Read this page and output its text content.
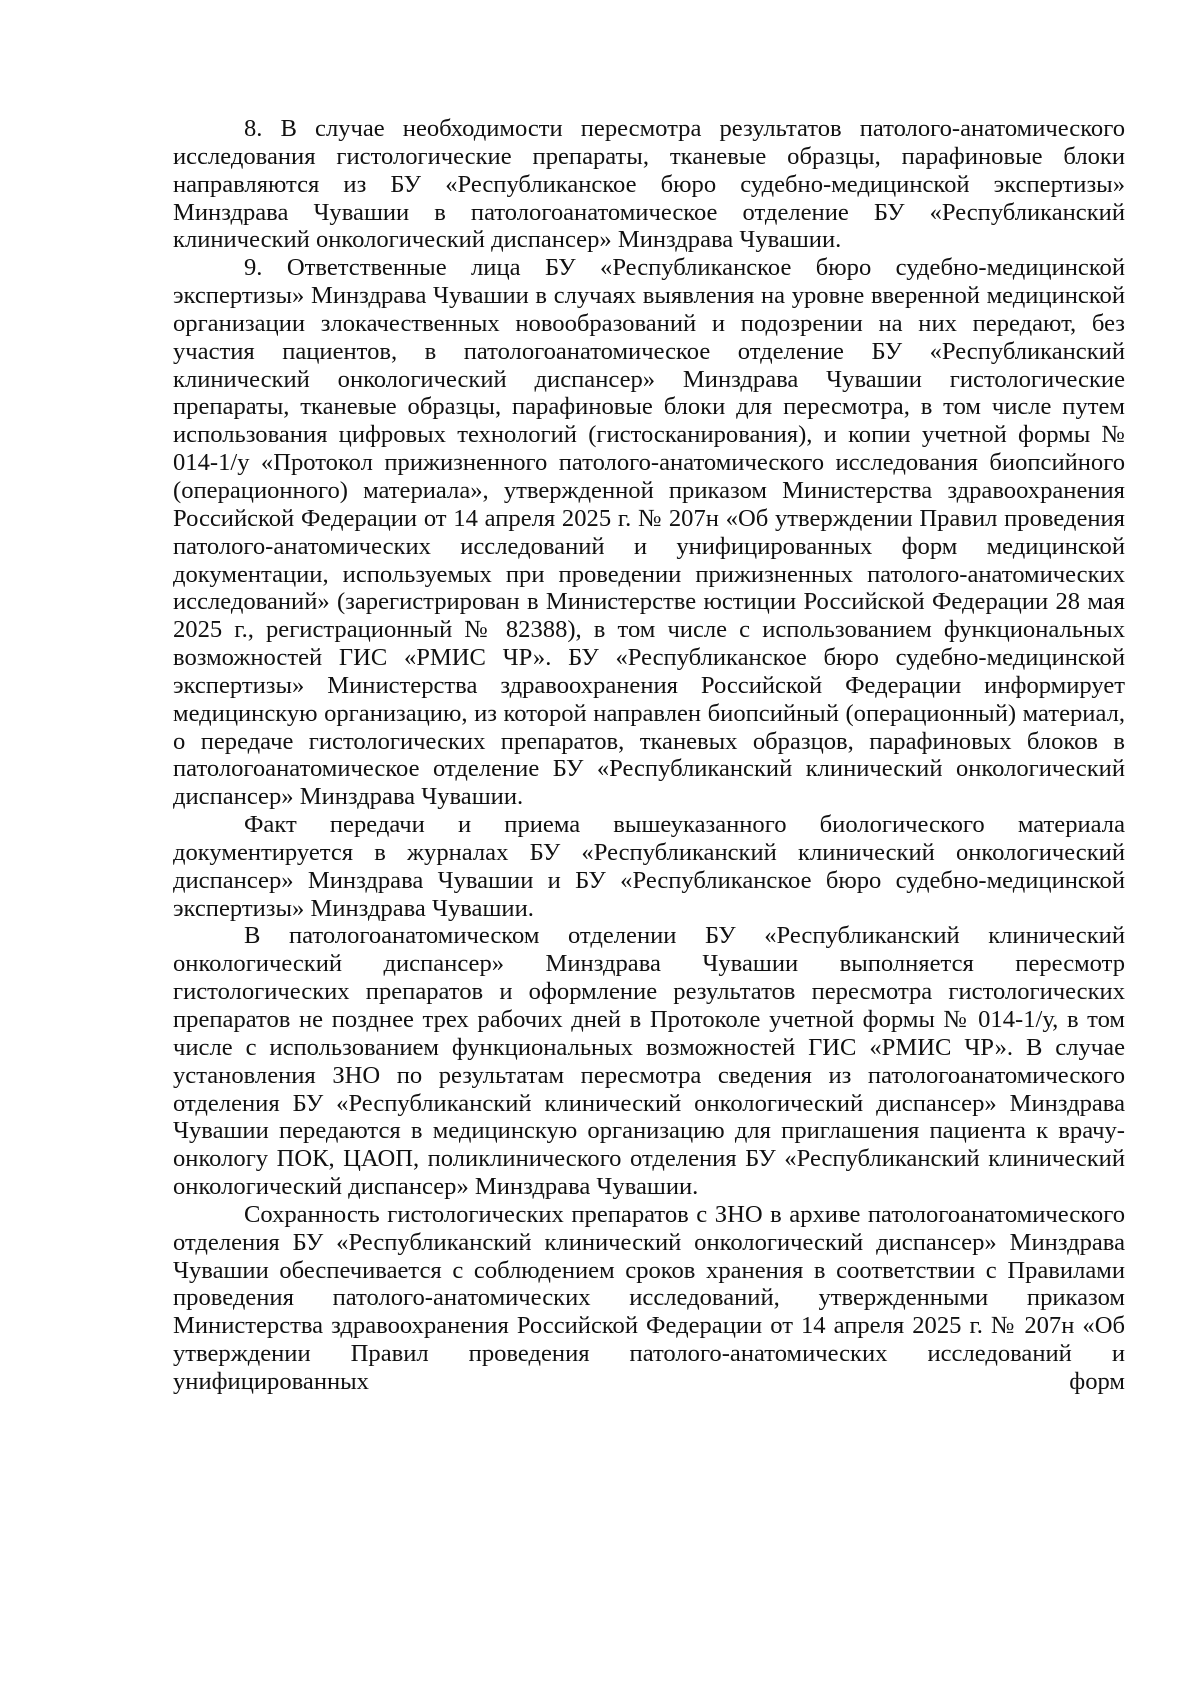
8. В случае необходимости пересмотра результатов патолого-анатомического исследования гистологические препараты, тканевые образцы, парафиновые блоки направляются из БУ «Республиканское бюро судебно-медицинской экспертизы» Минздрава Чувашии в патологоанатомическое отделение БУ «Республиканский клинический онкологический диспансер» Минздрава Чувашии.

9. Ответственные лица БУ «Республиканское бюро судебно-медицинской экспертизы» Минздрава Чувашии в случаях выявления на уровне вверенной медицинской организации злокачественных новообразований и подозрении на них передают, без участия пациентов, в патологоанатомическое отделение БУ «Республиканский клинический онкологический диспансер» Минздрава Чувашии гистологические препараты, тканевые образцы, парафиновые блоки для пересмотра, в том числе путем использования цифровых технологий (гистосканирования), и копии учетной формы № 014-1/у «Протокол прижизненного патолого-анатомического исследования биопсийного (операционного) материала», утвержденной приказом Министерства здравоохранения Российской Федерации от 14 апреля 2025 г. № 207н «Об утверждении Правил проведения патолого-анатомических исследований и унифицированных форм медицинской документации, используемых при проведении прижизненных патолого-анатомических исследований» (зарегистрирован в Министерстве юстиции Российской Федерации 28 мая 2025 г., регистрационный № 82388), в том числе с использованием функциональных возможностей ГИС «РМИС ЧР». БУ «Республиканское бюро судебно-медицинской экспертизы» Министерства здравоохранения Российской Федерации информирует медицинскую организацию, из которой направлен биопсийный (операционный) материал, о передаче гистологических препаратов, тканевых образцов, парафиновых блоков в патологоанатомическое отделение БУ «Республиканский клинический онкологический диспансер» Минздрава Чувашии.

Факт передачи и приема вышеуказанного биологического материала документируется в журналах БУ «Республиканский клинический онкологический диспансер» Минздрава Чувашии и БУ «Республиканское бюро судебно-медицинской экспертизы» Минздрава Чувашии.

В патологоанатомическом отделении БУ «Республиканский клинический онкологический диспансер» Минздрава Чувашии выполняется пересмотр гистологических препаратов и оформление результатов пересмотра гистологических препаратов не позднее трех рабочих дней в Протоколе учетной формы № 014-1/у, в том числе с использованием функциональных возможностей ГИС «РМИС ЧР». В случае установления ЗНО по результатам пересмотра сведения из патологоанатомического отделения БУ «Республиканский клинический онкологический диспансер» Минздрава Чувашии передаются в медицинскую организацию для приглашения пациента к врачу-онкологу ПОК, ЦАОП, поликлинического отделения БУ «Республиканский клинический онкологический диспансер» Минздрава Чувашии.

Сохранность гистологических препаратов с ЗНО в архиве патологоанатомического отделения БУ «Республиканский клинический онкологический диспансер» Минздрава Чувашии обеспечивается с соблюдением сроков хранения в соответствии с Правилами проведения патолого-анатомических исследований, утвержденными приказом Министерства здравоохранения Российской Федерации от 14 апреля 2025 г. № 207н «Об утверждении Правил проведения патолого-анатомических исследований и унифицированных форм
